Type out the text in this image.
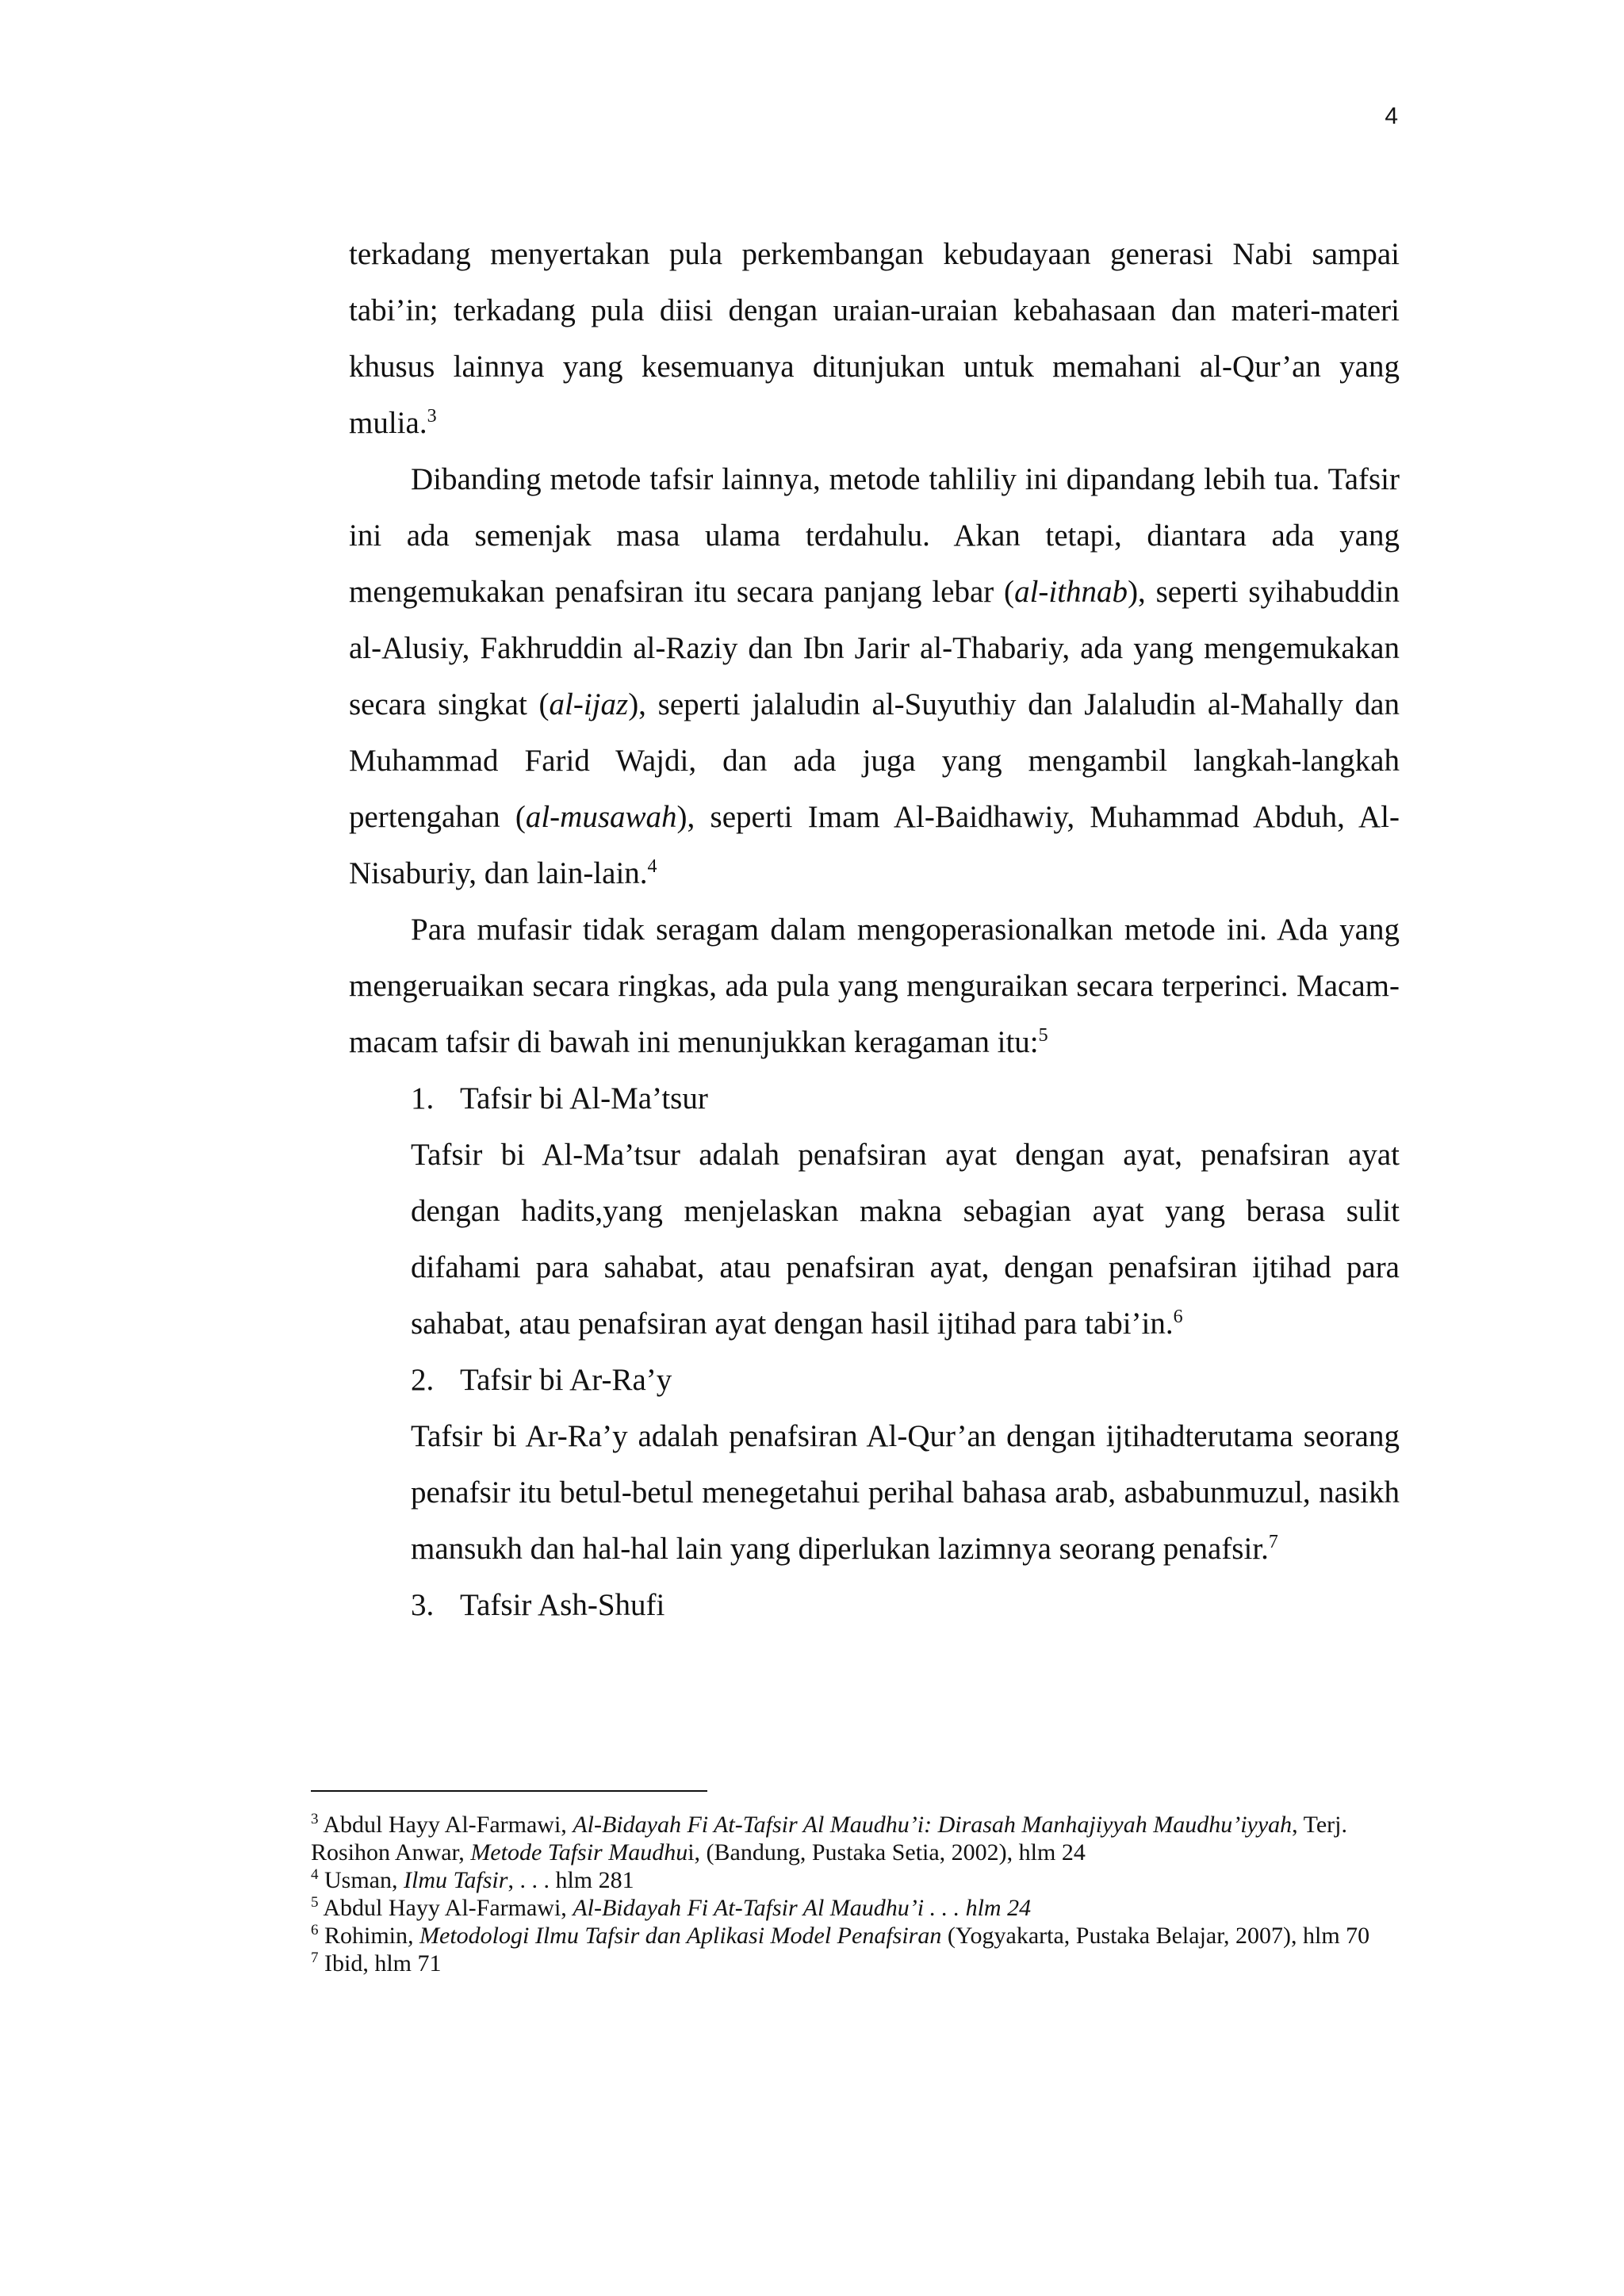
4

terkadang menyertakan pula perkembangan kebudayaan generasi Nabi sampai tabi’in; terkadang pula diisi dengan uraian-uraian kebahasaan dan materi-materi khusus lainnya yang kesemuanya ditunjukan untuk memahani al-Qur’an yang mulia.$^3$

Dibanding metode tafsir lainnya, metode tahliliy ini dipandang lebih tua. Tafsir ini ada semenjak masa ulama terdahulu. Akan tetapi, diantara ada yang mengemukakan penafsiran itu secara panjang lebar (al-ithnab), seperti syihabuddin al-Alusiy, Fakhruddin al-Raziy dan Ibn Jarir al-Thabariy, ada yang mengemukakan secara singkat (al-ijaz), seperti jalaludin al-Suyuthiy dan Jalaludin al-Mahally dan Muhammad Farid Wajdi, dan ada juga yang mengambil langkah-langkah pertengahan (al-musawah), seperti Imam Al-Baidhawiy, Muhammad Abduh, Al-Nisaburiy, dan lain-lain.$^4$

Para mufasir tidak seragam dalam mengoperasionalkan metode ini. Ada yang mengeruaikan secara ringkas, ada pula yang menguraikan secara terperinci. Macam-macam tafsir di bawah ini menunjukkan keragaman itu:$^5$

1. Tafsir bi Al-Ma’tsur

Tafsir bi Al-Ma’tsur adalah penafsiran ayat dengan ayat, penafsiran ayat dengan hadits,yang menjelaskan makna sebagian ayat yang berasa sulit difahami para sahabat, atau penafsiran ayat, dengan penafsiran ijtihad para sahabat, atau penafsiran ayat dengan hasil ijtihad para tabi’in.$^6$

2. Tafsir bi Ar-Ra’y

Tafsir bi Ar-Ra’y adalah penafsiran Al-Qur’an dengan ijtihadterutama seorang penafsir itu betul-betul menegetahui perihal bahasa arab, asbabunmuzul, nasikh mansukh dan hal-hal lain yang diperlukan lazimnya seorang penafsir.$^7$

3. Tafsir Ash-Shufi

$^3$ Abdul Hayy Al-Farmawi, Al-Bidayah Fi At-Tafsir Al Maudhu’i: Dirasah Manhajiyyah Maudhu’iyyah, Terj. Rosihon Anwar, Metode Tafsir Maudhui, (Bandung, Pustaka Setia, 2002), hlm 24

$^4$ Usman, Ilmu Tafsir, . . . hlm 281

$^5$ Abdul Hayy Al-Farmawi, Al-Bidayah Fi At-Tafsir Al Maudhu’i . . . hlm 24

$^6$ Rohimin, Metodologi Ilmu Tafsir dan Aplikasi Model Penafsiran (Yogyakarta, Pustaka Belajar, 2007), hlm 70

$^7$ Ibid, hlm 71
